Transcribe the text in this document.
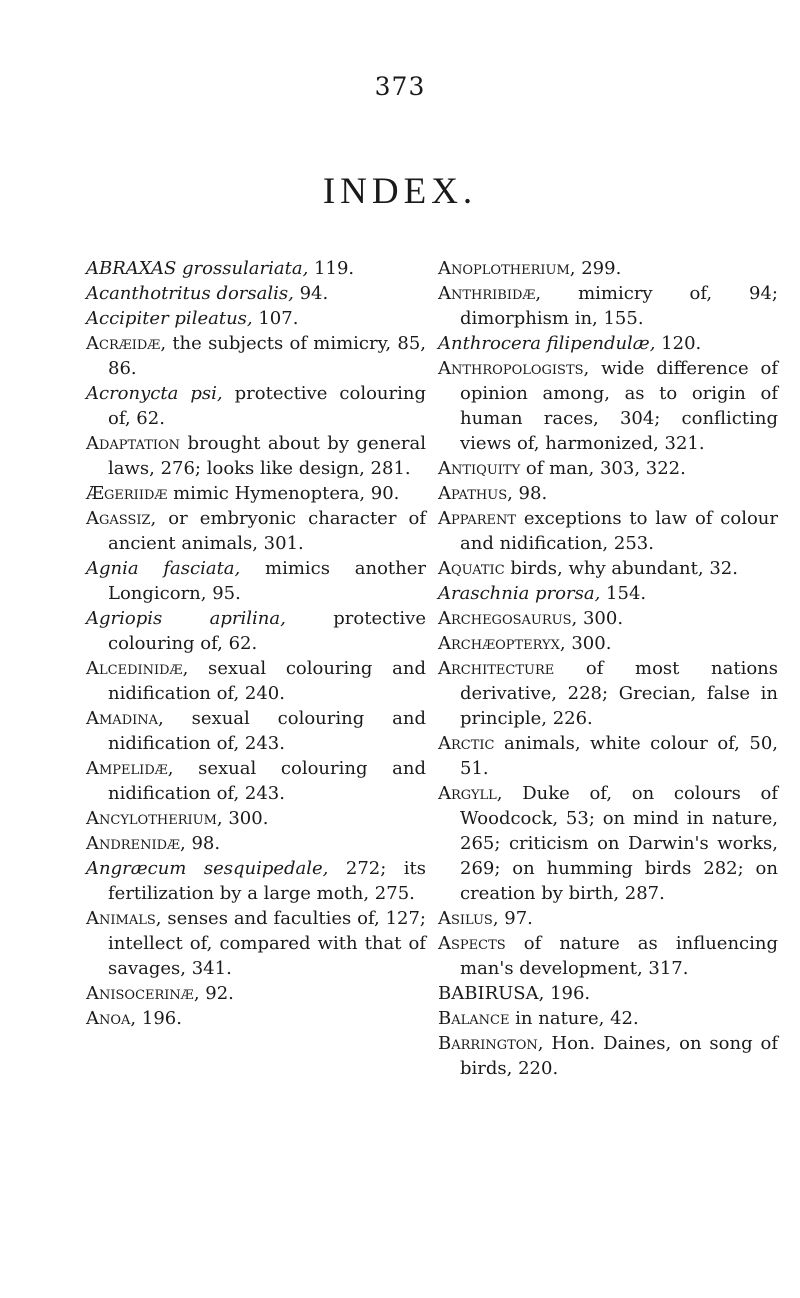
373
INDEX.
ABRAXAS grossulariata, 119.
Acanthotritus dorsalis, 94.
Accipiter pileatus, 107.
Acræidæ, the subjects of mimicry, 85, 86.
Acronycta psi, protective colouring of, 62.
Adaptation brought about by general laws, 276; looks like design, 281.
Ægeriidæ mimic Hymenoptera, 90.
Agassiz, or embryonic character of ancient animals, 301.
Agnia fasciata, mimics another Longicorn, 95.
Agriopis aprilina, protective colouring of, 62.
Alcedinidæ, sexual colouring and nidification of, 240.
Amadina, sexual colouring and nidification of, 243.
Ampelidæ, sexual colouring and nidification of, 243.
Ancylotherium, 300.
Andrenidæ, 98.
Angræcum sesquipedale, 272; its fertilization by a large moth, 275.
Animals, senses and faculties of, 127; intellect of, compared with that of savages, 341.
Anisocerinæ, 92.
Anoa, 196.
Anoplotherium, 299.
Anthribidæ, mimicry of, 94; dimorphism in, 155.
Anthrocera filipendulæ, 120.
Anthropologists, wide difference of opinion among, as to origin of human races, 304; conflicting views of, harmonized, 321.
Antiquity of man, 303, 322.
Apathus, 98.
Apparent exceptions to law of colour and nidification, 253.
Aquatic birds, why abundant, 32.
Araschnia prorsa, 154.
Archegosaurus, 300.
Archæopteryx, 300.
Architecture of most nations derivative, 228; Grecian, false in principle, 226.
Arctic animals, white colour of, 50, 51.
Argyll, Duke of, on colours of Woodcock, 53; on mind in nature, 265; criticism on Darwin's works, 269; on humming birds 282; on creation by birth, 287.
Asilus, 97.
Aspects of nature as influencing man's development, 317.
BABIRUSA, 196.
Balance in nature, 42.
Barrington, Hon. Daines, on song of birds, 220.
